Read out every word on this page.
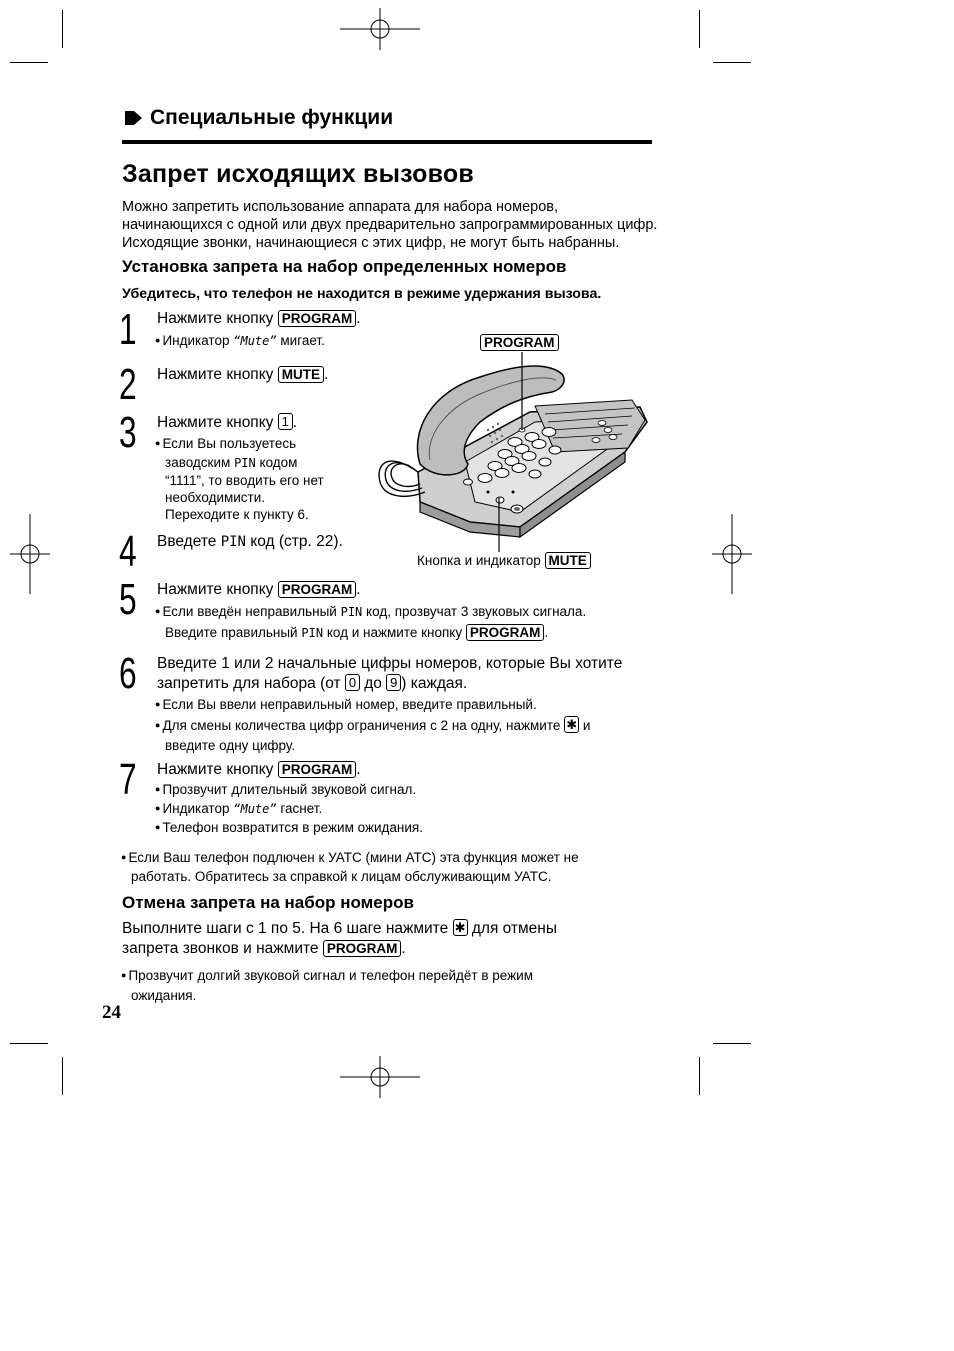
Специальные функции
Запрет исходящих вызовов
Можно запретить использование аппарата для набора номеров,
начинающихся с одной или двух предварительно запрограммированных цифр.
Исходящие звонки, начинающиеся с этих цифр, не могут быть набранны.
Установка запрета на набор определенных номеров
Убедитесь, что телефон не находится в режиме удержания вызова.
1 Нажмите кнопку PROGRAM .
● Индикатор “Mute” мигает.
2 Нажмите кнопку MUTE .
3 Нажмите кнопку 1 .
● Если Вы пользуетесь
заводским PIN кодом
“1111”, то вводить его нет
необходимисти.
Переходите к пункту 6.
4 Введете PIN код (стр. 22).
PROGRAM
Кнопка и индикатор MUTE
5 Нажмите кнопку PROGRAM .
● Если введён неправильный PIN код, прозвучат 3 звуковых сигнала.
Введите правильный PIN код и нажмите кнопку PROGRAM .
6 Введите 1 или 2 начальные цифры номеров, которые Вы хотите
запретить для набора (от 0 до 9 ) каждая.
● Если Вы ввели неправильный номер, введите правильный.
● Для смены количества цифр ограничения с 2 на одну, нажмите ✱ и
введите одну цифру.
7 Нажмите кнопку PROGRAM .
● Прозвучит длительный звуковой сигнал.
● Индикатор “Mute” гаснет.
● Телефон возвратится в режим ожидания.
● Если Ваш телефон подлючен к УАТС (мини АТС) эта функция может не
работать. Обратитесь за справкой к лицам обслуживающим УАТС.
Отмена запрета на набор номеров
Выполните шаги с 1 по 5. На 6 шаге нажмите ✱ для отмены
запрета звонков и нажмите PROGRAM .
● Прозвучит долгий звуковой сигнал и телефон перейдёт в режим
ожидания.
24
